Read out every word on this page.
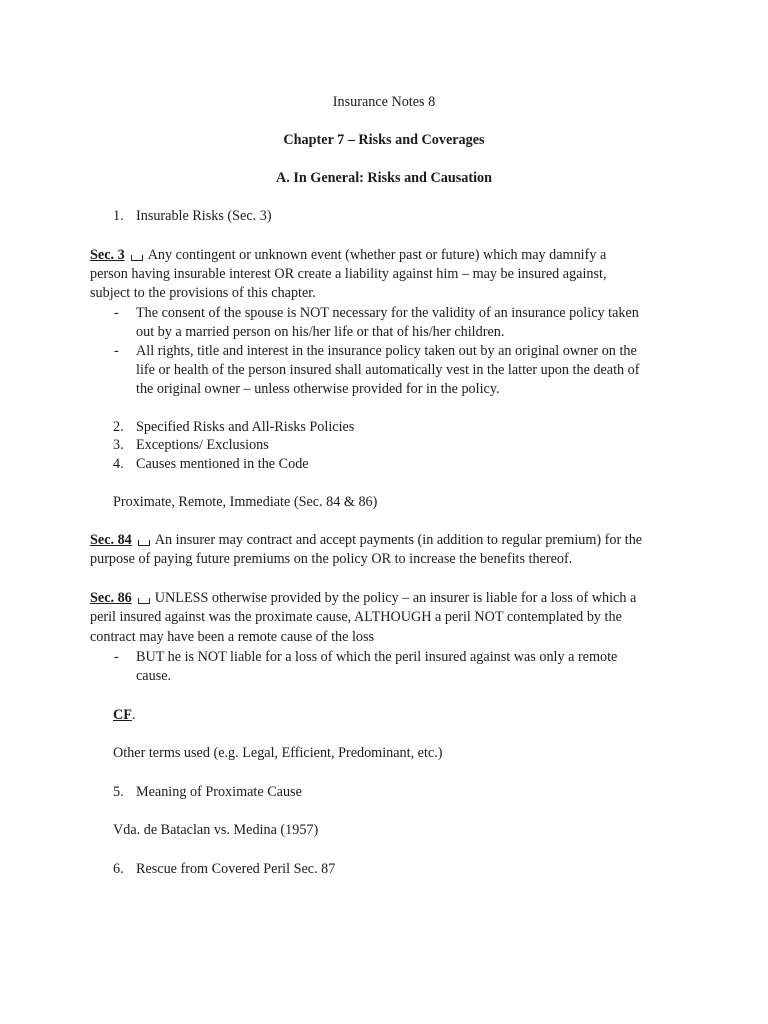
Insurance Notes 8
Chapter 7 – Risks and Coverages
A. In General: Risks and Causation
1. Insurable Risks (Sec. 3)
Sec. 3 Any contingent or unknown event (whether past or future) which may damnify a
person having insurable interest OR create a liability against him – may be insured against,
subject to the provisions of this chapter.
- The consent of the spouse is NOT necessary for the validity of an insurance policy taken
out by a married person on his/her life or that of his/her children.
- All rights, title and interest in the insurance policy taken out by an original owner on the
life or health of the person insured shall automatically vest in the latter upon the death of
the original owner – unless otherwise provided for in the policy.
2. Specified Risks and All-Risks Policies
3. Exceptions/ Exclusions
4. Causes mentioned in the Code
Proximate, Remote, Immediate (Sec. 84 & 86)
Sec. 84 An insurer may contract and accept payments (in addition to regular premium) for the
purpose of paying future premiums on the policy OR to increase the benefits thereof.
Sec. 86 UNLESS otherwise provided by the policy – an insurer is liable for a loss of which a
peril insured against was the proximate cause, ALTHOUGH a peril NOT contemplated by the
contract may have been a remote cause of the loss
- BUT he is NOT liable for a loss of which the peril insured against was only a remote
cause.
CF.
Other terms used (e.g. Legal, Efficient, Predominant, etc.)
5. Meaning of Proximate Cause
Vda. de Bataclan vs. Medina (1957)
6. Rescue from Covered Peril Sec. 87
